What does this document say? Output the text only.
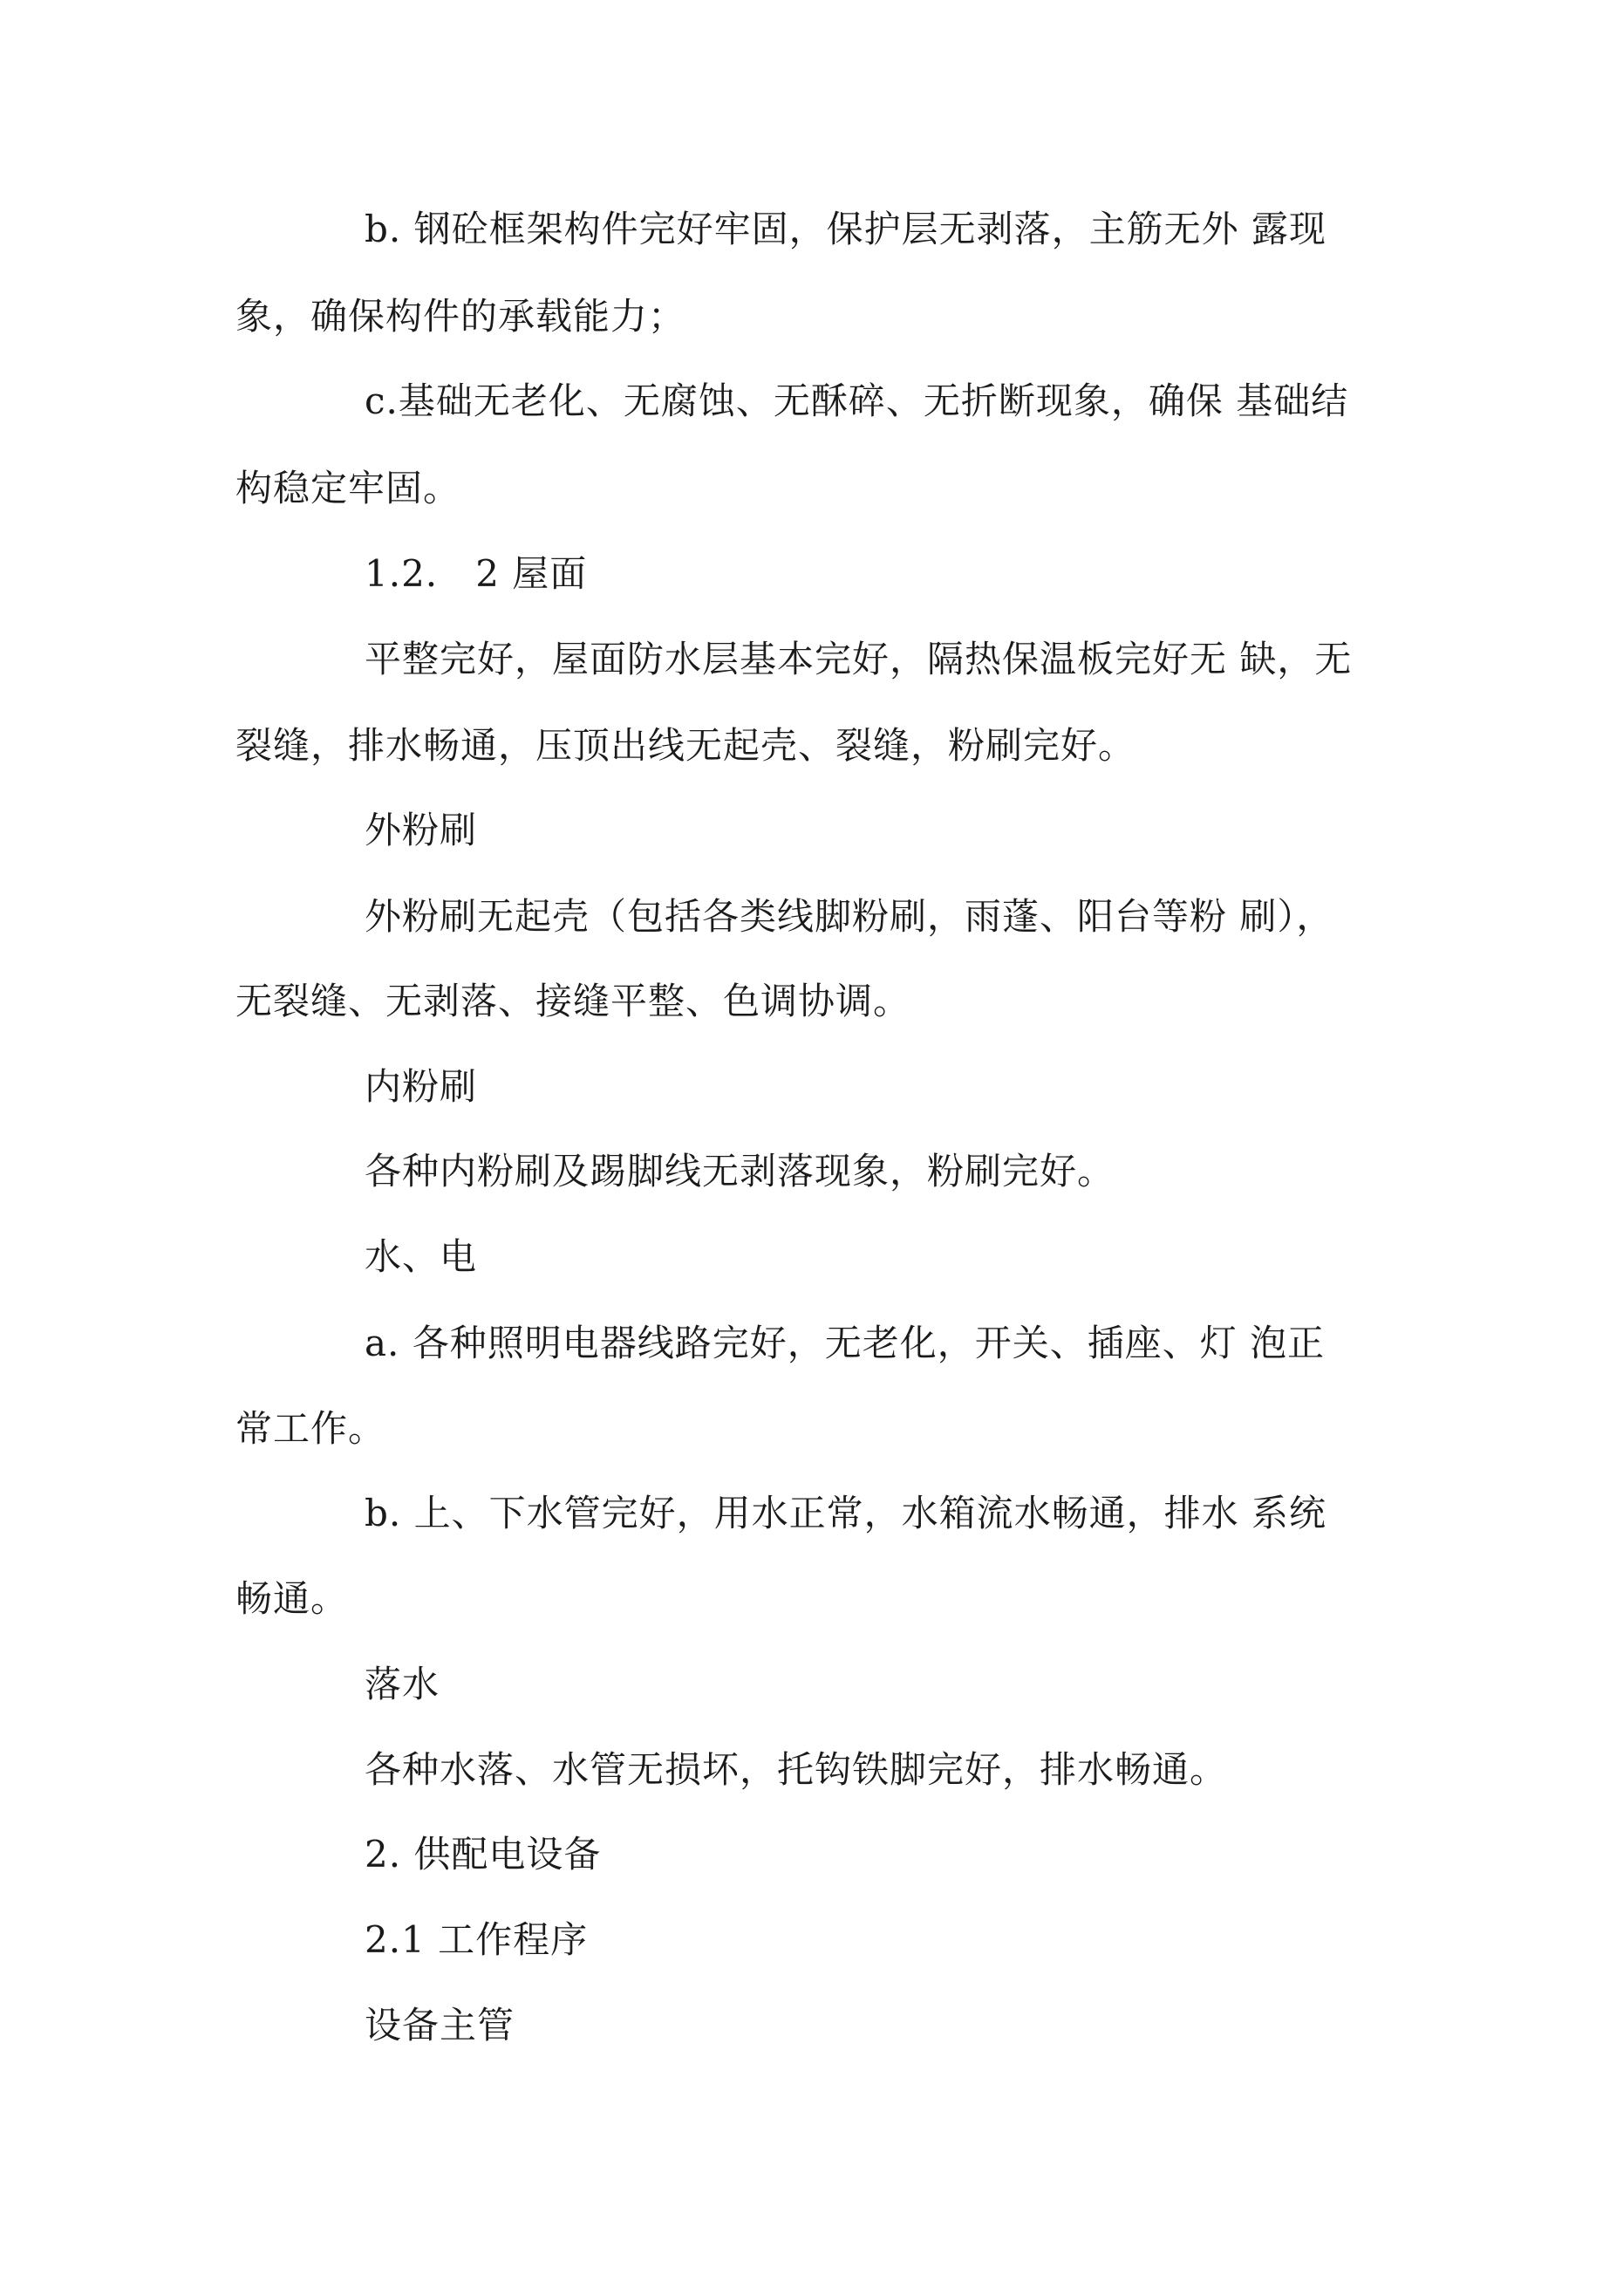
b. 钢砼框架构件完好牢固，保护层无剥落，主筋无外 露现
象，确保构件的承载能力；
c.基础无老化、无腐蚀、无酥碎、无折断现象，确保 基础结
构稳定牢固。
1.2.   2 屋面
平整完好，屋面防水层基本完好，隔热保温板完好无 缺，无
裂缝，排水畅通，压顶出线无起壳、裂缝，粉刷完好。
外粉刷
外粉刷无起壳（包括各类线脚粉刷，雨蓬、阳台等粉 刷），
无裂缝、无剥落、接缝平整、色调协调。
内粉刷
各种内粉刷及踢脚线无剥落现象，粉刷完好。
水、电
a. 各种照明电器线路完好，无老化，开关、插座、灯 泡正
常工作。
b. 上、下水管完好，用水正常，水箱流水畅通，排水 系统
畅通。
落水
各种水落、水管无损坏，托钩铁脚完好，排水畅通。
2. 供配电设备
2.1 工作程序
设备主管
